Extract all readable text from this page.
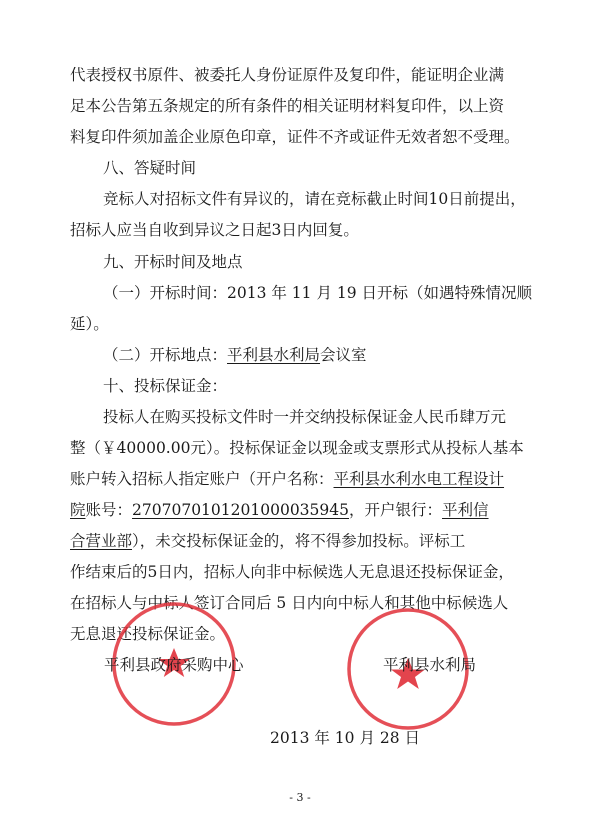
代表授权书原件、被委托人身份证原件及复印件，能证明企业满
足本公告第五条规定的所有条件的相关证明材料复印件，以上资
料复印件须加盖企业原色印章，证件不齐或证件无效者恕不受理。
八、答疑时间
竞标人对招标文件有异议的，请在竞标截止时间10日前提出，
招标人应当自收到异议之日起3日内回复。
九、开标时间及地点
（一）开标时间：2013 年 11 月 19 日开标（如遇特殊情况顺
延）。
（二）开标地点：平利县水利局会议室
十、投标保证金：
投标人在购买投标文件时一并交纳投标保证金人民币肆万元
整（￥40000.00元）。投标保证金以现金或支票形式从投标人基本
账户转入招标人指定账户（开户名称：平利县水利水电工程设计
院账号：27070701012010000359​45，开户银行：平利信
合营业部），未交投标保证金的，将不得参加投标。评标工
作结束后的5日内，招标人向非中标候选人无息退还投标保证金，
在招标人与中标人签订合同后 5 日内向中标人和其他中标候选人
无息退还投标保证金。
平利县政府采购中心	平利县水利局
2013 年 10 月 28 日
- 3 -
